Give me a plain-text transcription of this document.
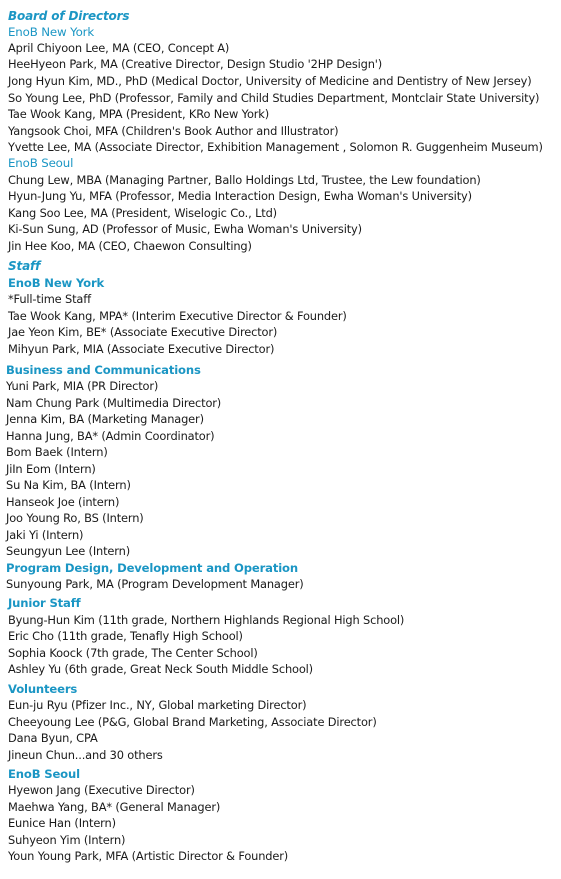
Board of Directors
EnoB New York
April Chiyoon Lee, MA (CEO, Concept A)
HeeHyeon Park, MA (Creative Director, Design Studio '2HP Design')
Jong Hyun Kim, MD., PhD (Medical Doctor, University of Medicine and Dentistry of New Jersey)
So Young Lee, PhD (Professor, Family and Child Studies Department, Montclair State University)
Tae Wook Kang, MPA (President, KRo New York)
Yangsook Choi, MFA (Children's Book Author and Illustrator)
Yvette Lee, MA (Associate Director, Exhibition Management , Solomon R. Guggenheim Museum)
EnoB Seoul
Chung Lew, MBA (Managing Partner, Ballo Holdings Ltd, Trustee, the Lew foundation)
Hyun-Jung Yu, MFA (Professor, Media Interaction Design, Ewha Woman's University)
Kang Soo Lee, MA (President, Wiselogic Co., Ltd)
Ki-Sun Sung, AD (Professor of Music, Ewha Woman's University)
Jin Hee Koo, MA (CEO, Chaewon Consulting)
Staff
EnoB New York
*Full-time Staff
Tae Wook Kang, MPA* (Interim Executive Director & Founder)
Jae Yeon Kim, BE* (Associate Executive Director)
Mihyun Park, MIA (Associate Executive Director)
Business and Communications
Yuni Park, MIA (PR Director)
Nam Chung Park (Multimedia Director)
Jenna Kim, BA (Marketing Manager)
Hanna Jung, BA* (Admin Coordinator)
Bom Baek (Intern)
JiIn Eom (Intern)
Su Na Kim, BA (Intern)
Hanseok Joe (intern)
Joo Young Ro, BS (Intern)
Jaki Yi (Intern)
Seungyun Lee (Intern)
Program Design, Development and Operation
Sunyoung Park, MA (Program Development Manager)
Junior Staff
Byung-Hun Kim (11th grade, Northern Highlands Regional High School)
Eric Cho (11th grade, Tenafly High School)
Sophia Koock (7th grade, The Center School)
Ashley Yu (6th grade, Great Neck South Middle School)
Volunteers
Eun-ju Ryu (Pfizer Inc., NY, Global marketing Director)
Cheeyoung Lee (P&G, Global Brand Marketing, Associate Director)
Dana Byun, CPA
Jineun Chun...and 30 others
EnoB Seoul
Hyewon Jang (Executive Director)
Maehwa Yang, BA* (General Manager)
Eunice Han (Intern)
Suhyeon Yim (Intern)
Youn Young Park, MFA (Artistic Director & Founder)
